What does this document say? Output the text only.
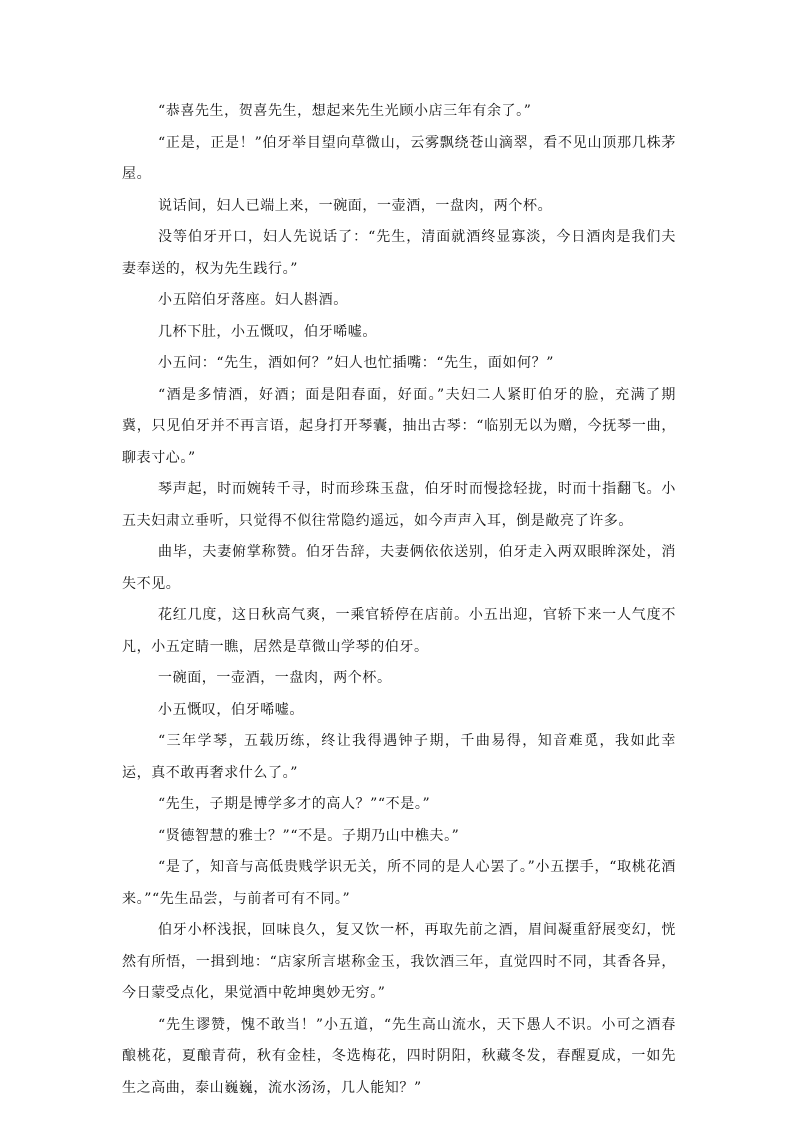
“恭喜先生，贺喜先生，想起来先生光顾小店三年有余了。”

“正是，正是！”伯牙举目望向草微山，云雾飘绕苍山滴翠，看不见山顶那几株茅屋。

说话间，妇人已端上来，一碗面，一壶酒，一盘肉，两个杯。

没等伯牙开口，妇人先说话了：“先生，清面就酒终显寡淡，今日酒肉是我们夫妻奉送的，权为先生践行。”

小五陪伯牙落座。妇人斟酒。

几杯下肚，小五慨叹，伯牙唏嘘。

小五问：“先生，酒如何？”妇人也忙插嘴：“先生，面如何？”

“酒是多情酒，好酒；面是阳春面，好面。”夫妇二人紧盯伯牙的脸，充满了期冀，只见伯牙并不再言语，起身打开琴囊，抽出古琴：“临别无以为赠，今抚琴一曲，聊表寸心。”

琴声起，时而婉转千寻，时而珍珠玉盘，伯牙时而慢捻轻拢，时而十指翻飞。小五夫妇肃立垂听，只觉得不似往常隐约遥远，如今声声入耳，倒是敞亮了许多。

曲毕，夫妻俯掌称赞。伯牙告辞，夫妻俩依依送别，伯牙走入两双眼眸深处，消失不见。

花红几度，这日秋高气爽，一乘官轿停在店前。小五出迎，官轿下来一人气度不凡，小五定睛一瞧，居然是草微山学琴的伯牙。

一碗面，一壶酒，一盘肉，两个杯。

小五慨叹，伯牙唏嘘。

“三年学琴，五载历练，终让我得遇钟子期，千曲易得，知音难觅，我如此幸运，真不敢再奢求什么了。”

“先生，子期是博学多才的高人？”“不是。”

“贤德智慧的雅士？”“不是。子期乃山中樵夫。”

“是了，知音与高低贵贱学识无关，所不同的是人心罢了。”小五摆手，“取桃花酒来。”“先生品尝，与前者可有不同。”

伯牙小杯浅抿，回味良久，复又饮一杯，再取先前之酒，眉间凝重舒展变幻，恍然有所悟，一揖到地：“店家所言堪称金玉，我饮酒三年，直觉四时不同，其香各异，今日蒙受点化，果觉酒中乾坤奥妙无穷。”

“先生谬赞，愧不敢当！”小五道，“先生高山流水，天下愚人不识。小可之酒春酿桃花，夏酿青荷，秋有金桂，冬选梅花，四时阴阳，秋藏冬发，春醒夏成，一如先生之高曲，泰山巍巍，流水汤汤，几人能知？”
